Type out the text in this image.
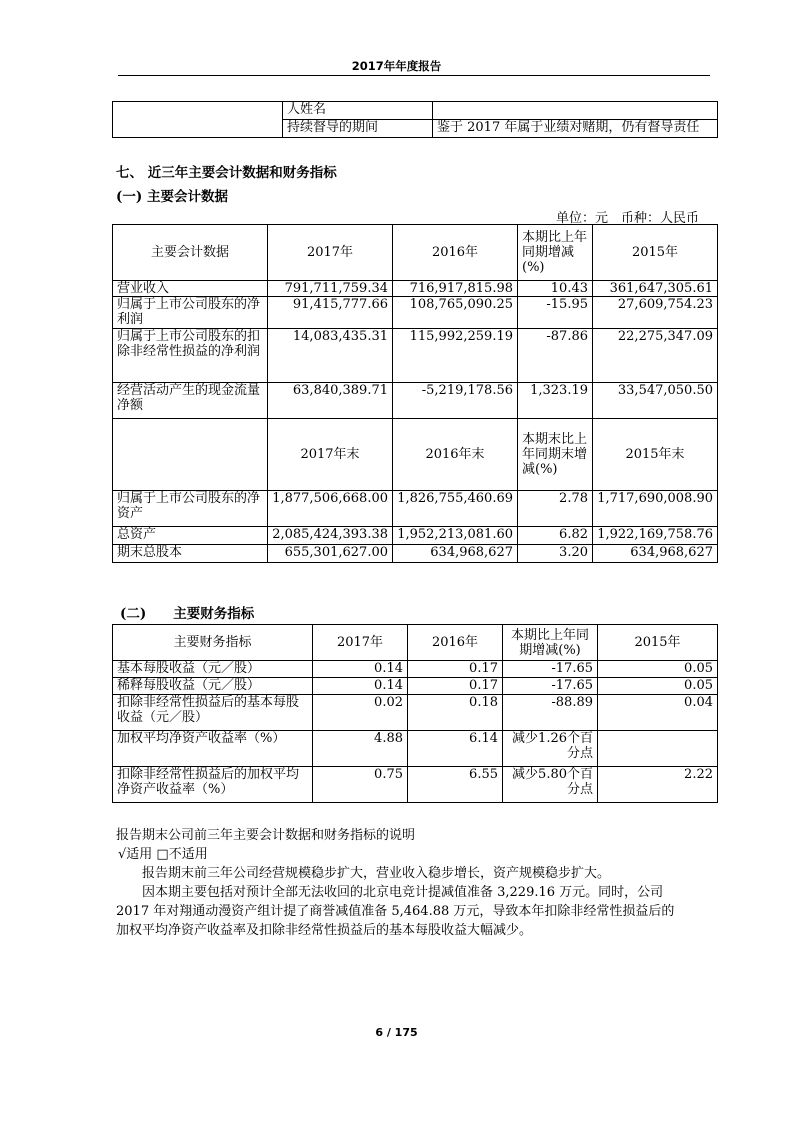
2017年年度报告
	人姓名	
	持续督导的期间	鉴于 2017 年属于业绩对赌期，仍有督导责任
七、 近三年主要会计数据和财务指标
(一) 主要会计数据
单位：元　币种：人民币
主要会计数据	2017年	2016年	本期比上年同期增减(%)	2015年
营业收入	791,711,759.34	716,917,815.98	10.43	361,647,305.61
归属于上市公司股东的净利润	91,415,777.66	108,765,090.25	-15.95	27,609,754.23
归属于上市公司股东的扣除非经常性损益的净利润	14,083,435.31	115,992,259.19	-87.86	22,275,347.09
经营活动产生的现金流量净额	63,840,389.71	-5,219,178.56	1,323.19	33,547,050.50
	2017年末	2016年末	本期末比上年同期末增减(%)	2015年末
归属于上市公司股东的净资产	1,877,506,668.00	1,826,755,460.69	2.78	1,717,690,008.90
总资产	2,085,424,393.38	1,952,213,081.60	6.82	1,922,169,758.76
期末总股本	655,301,627.00	634,968,627	3.20	634,968,627
(二)　　主要财务指标
主要财务指标	2017年	2016年	本期比上年同期增减(%)	2015年
基本每股收益（元／股）	0.14	0.17	-17.65	0.05
稀释每股收益（元／股）	0.14	0.17	-17.65	0.05
扣除非经常性损益后的基本每股收益（元／股）	0.02	0.18	-88.89	0.04
加权平均净资产收益率（%）	4.88	6.14	减少1.26个百分点	
扣除非经常性损益后的加权平均净资产收益率（%）	0.75	6.55	减少5.80个百分点	2.22
报告期末公司前三年主要会计数据和财务指标的说明
√适用 □不适用
报告期末前三年公司经营规模稳步扩大，营业收入稳步增长，资产规模稳步扩大。
因本期主要包括对预计全部无法收回的北京电竞计提减值准备 3,229.16 万元。同时，公司
2017 年对翔通动漫资产组计提了商誉减值准备 5,464.88 万元，导致本年扣除非经常性损益后的
加权平均净资产收益率及扣除非经常性损益后的基本每股收益大幅减少。
6 / 175
